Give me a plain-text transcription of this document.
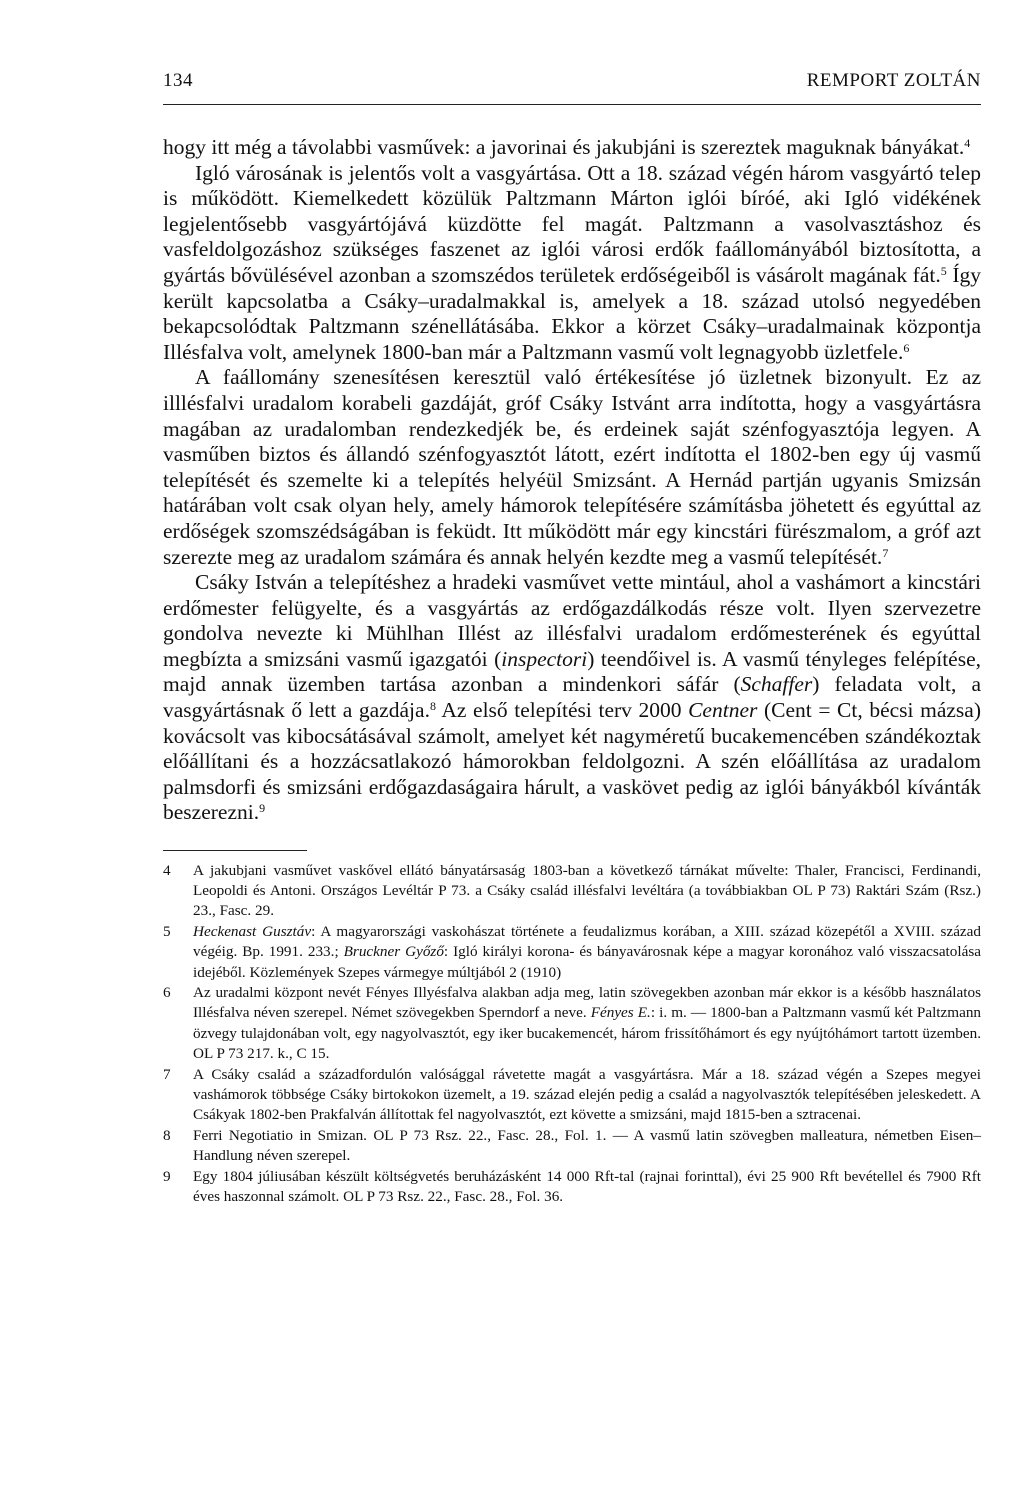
134	REMPORT ZOLTÁN

hogy itt még a távolabbi vasművek: a javorinai és jakubjáni is szereztek maguknak bányákat.$^4$

Igló városának is jelentős volt a vasgyártása. Ott a 18. század végén három vasgyártó telep is működött. Kiemelkedett közülük Paltzmann Márton iglói bíróé, aki Igló vidékének legjelentősebb vasgyártójává küzdötte fel magát. Paltzmann a vasolvasztáshoz és vasfeldolgozáshoz szükséges faszenet az iglói városi erdők faállományából biztosította, a gyártás bővülésével azonban a szomszédos területek erdőségeiből is vásárolt magának fát.$^5$ Így került kapcsolatba a Csáky–uradalmakkal is, amelyek a 18. század utolsó negyedében bekapcsolódtak Paltzmann szénellátásába. Ekkor a körzet Csáky–uradalmainak központja Illésfalva volt, amelynek 1800-ban már a Paltzmann vasmű volt legnagyobb üzletfele.$^6$

A faállomány szenesítésen keresztül való értékesítése jó üzletnek bizonyult. Ez az illlésfalvi uradalom korabeli gazdáját, gróf Csáky Istvánt arra indította, hogy a vasgyártásra magában az uradalomban rendezkedjék be, és erdeinek saját szénfogyasztója legyen. A vasműben biztos és állandó szénfogyasztót látott, ezért indította el 1802-ben egy új vasmű telepítését és szemelte ki a telepítés helyéül Smizsánt. A Hernád partján ugyanis Smizsán határában volt csak olyan hely, amely hámorok telepítésére számításba jöhetett és egyúttal az erdőségek szomszédságában is feküdt. Itt működött már egy kincstári fürészmalom, a gróf azt szerezte meg az uradalom számára és annak helyén kezdte meg a vasmű telepítését.$^7$

Csáky István a telepítéshez a hradeki vasművet vette mintául, ahol a vashámort a kincstári erdőmester felügyelte, és a vasgyártás az erdőgazdálkodás része volt. Ilyen szervezetre gondolva nevezte ki Mühlhan Illést az illésfalvi uradalom erdőmesterének és egyúttal megbízta a smizsáni vasmű igazgatói (inspectori) teendőivel is. A vasmű tényleges felépítése, majd annak üzemben tartása azonban a mindenkori sáfár (Schaffer) feladata volt, a vasgyártásnak ő lett a gazdája.$^8$ Az első telepítési terv 2000 Centner (Cent = Ct, bécsi mázsa) kovácsolt vas kibocsátásával számolt, amelyet két nagyméretű bucakemencében szándékoztak előállítani és a hozzácsatlakozó hámorokban feldolgozni. A szén előállítása az uradalom palmsdorfi és smizsáni erdőgazdaságaira hárult, a vaskövet pedig az iglói bányákból kívánták beszerezni.$^9$

4	A jakubjani vasművet vaskővel ellátó bányatársaság 1803-ban a következő tárnákat művelte: Thaler, Francisci, Ferdinandi, Leopoldi és Antoni. Országos Levéltár P 73. a Csáky család illésfalvi levéltára (a továbbiakban OL P 73) Raktári Szám (Rsz.) 23., Fasc. 29.
5	Heckenast Gusztáv: A magyarországi vaskohászat története a feudalizmus korában, a XIII. század közepétől a XVIII. század végéig. Bp. 1991. 233.; Bruckner Győző: Igló királyi korona- és bányavárosnak képe a magyar koronához való visszacsatolása idejéből. Közlemények Szepes vármegye múltjából 2 (1910)
6	Az uradalmi központ nevét Fényes Illyésfalva alakban adja meg, latin szövegekben azonban már ekkor is a később használatos Illésfalva néven szerepel. Német szövegekben Sperndorf a neve. Fényes E.: i. m. — 1800-ban a Paltzmann vasmű két Paltzmann özvegy tulajdonában volt, egy nagyolvasztót, egy iker bucakemencét, három frissítőhámort és egy nyújtóhámort tartott üzemben. OL P 73 217. k., C 15.
7	A Csáky család a századfordulón valósággal rávetette magát a vasgyártásra. Már a 18. század végén a Szepes megyei vashámorok többsége Csáky birtokokon üzemelt, a 19. század elején pedig a család a nagyolvasztók telepítésében jeleskedett. A Csákyak 1802-ben Prakfalván állítottak fel nagyolvasztót, ezt követte a smizsáni, majd 1815-ben a sztracenai.
8	Ferri Negotiatio in Smizan. OL P 73 Rsz. 22., Fasc. 28., Fol. 1. — A vasmű latin szövegben malleatura, németben Eisen–Handlung néven szerepel.
9	Egy 1804 júliusában készült költségvetés beruházásként 14 000 Rft-tal (rajnai forinttal), évi 25 900 Rft bevétellel és 7900 Rft éves haszonnal számolt. OL P 73 Rsz. 22., Fasc. 28., Fol. 36.
